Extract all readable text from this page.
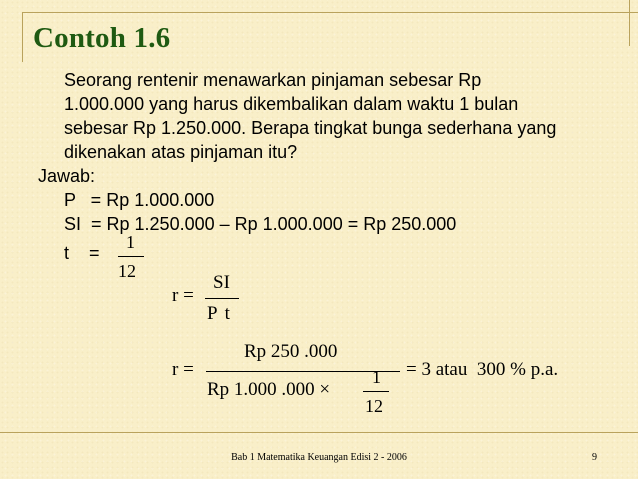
Contoh 1.6
Seorang rentenir menawarkan pinjaman sebesar Rp
1.000.000 yang harus dikembalikan dalam waktu 1 bulan
sebesar Rp 1.250.000. Berapa tingkat bunga sederhana yang
dikenakan atas pinjaman itu?
Jawab:
P   = Rp 1.000.000
SI  = Rp 1.250.000 – Rp 1.000.000 = Rp 250.000
t    =
1
12
r =
SI
P t
r =
Rp 250 .000
Rp 1.000 .000 ×
1
12
= 3 atau  300 % p.a.
Bab 1 Matematika Keuangan Edisi 2 - 2006	9
